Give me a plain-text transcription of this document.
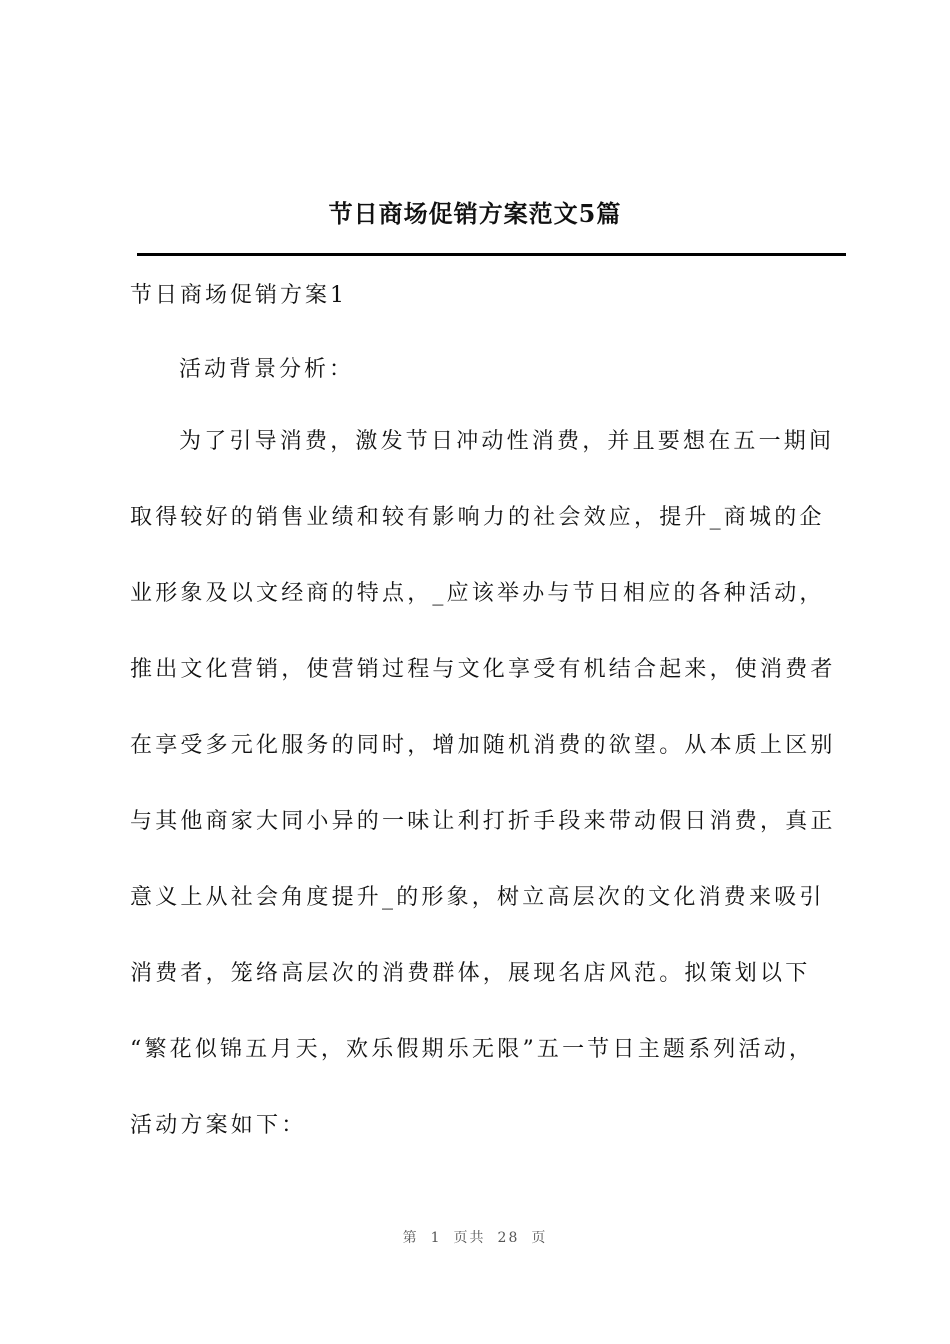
节日商场促销方案范文5篇
节日商场促销方案1
活动背景分析：
为了引导消费，激发节日冲动性消费，并且要想在五一期间
取得较好的销售业绩和较有影响力的社会效应，提升_商城的企
业形象及以文经商的特点，_应该举办与节日相应的各种活动，
推出文化营销，使营销过程与文化享受有机结合起来，使消费者
在享受多元化服务的同时，增加随机消费的欲望。从本质上区别
与其他商家大同小异的一味让利打折手段来带动假日消费，真正
意义上从社会角度提升_的形象，树立高层次的文化消费来吸引
消费者，笼络高层次的消费群体，展现名店风范。拟策划以下
“繁花似锦五月天，欢乐假期乐无限”五一节日主题系列活动，
活动方案如下：
第 1 页共 28 页
